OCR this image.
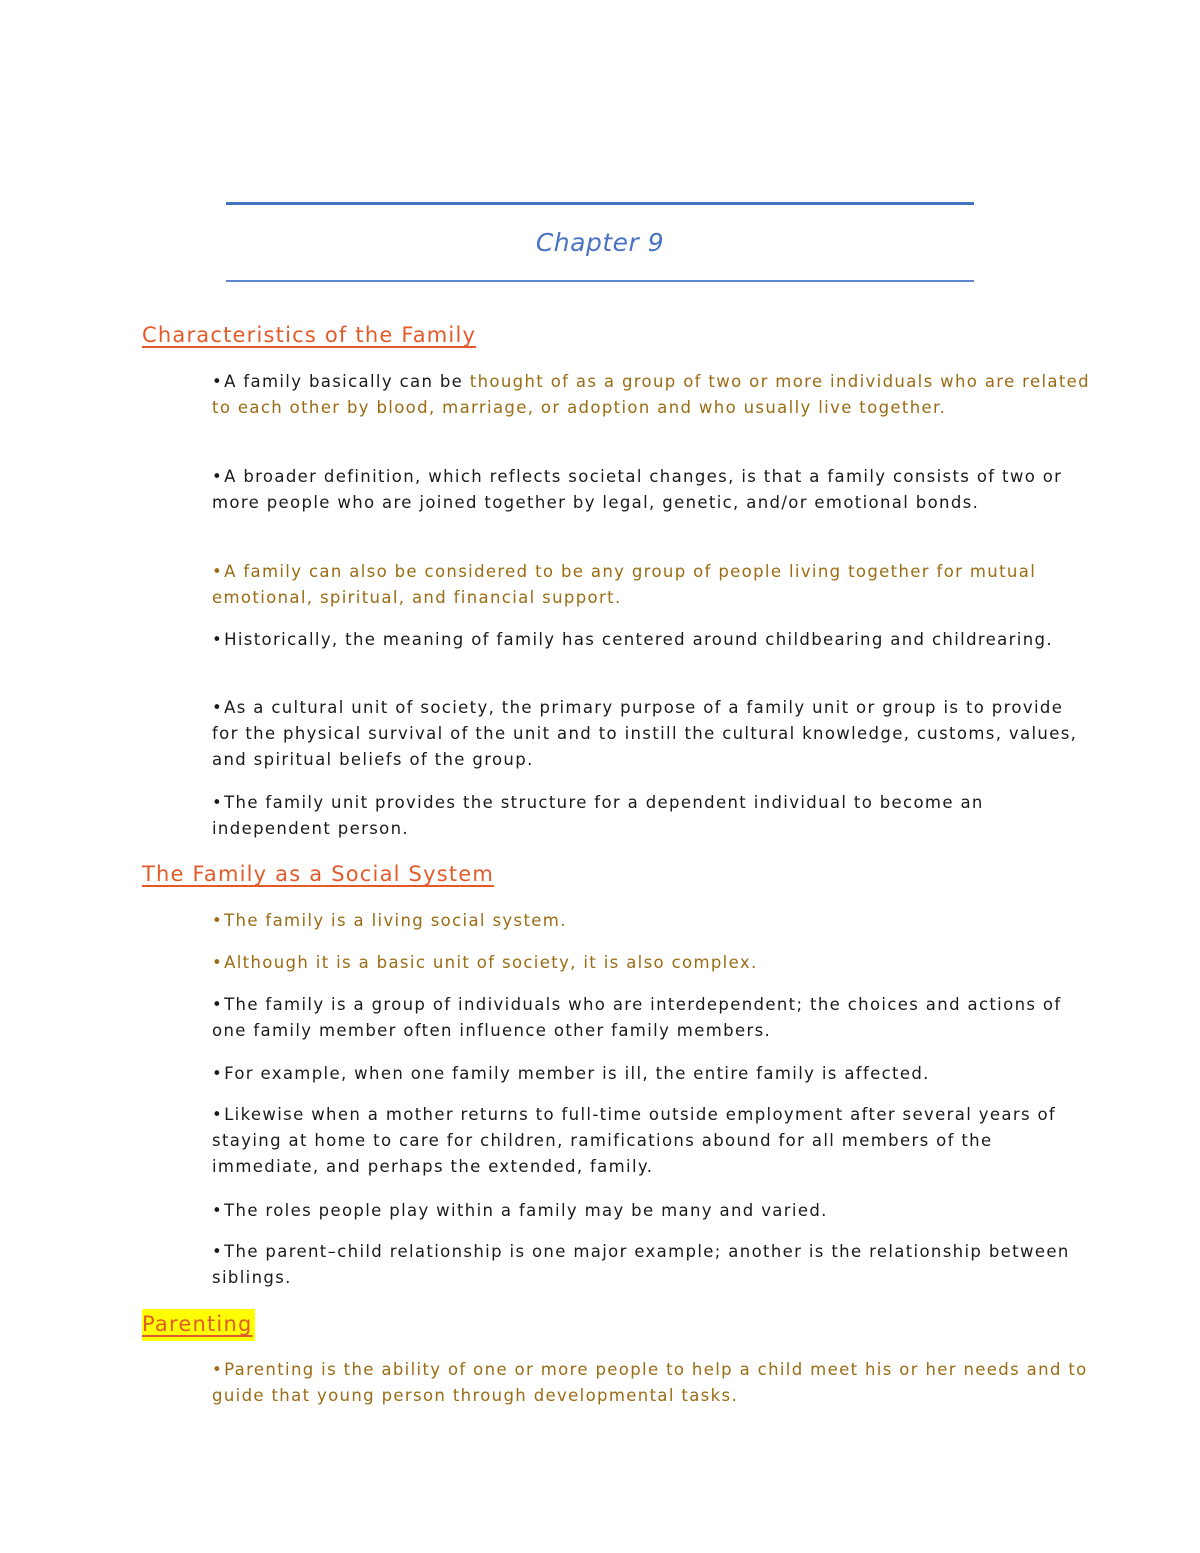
Chapter 9
Characteristics of the Family
•A family basically can be thought of as a group of two or more individuals who are related to each other by blood, marriage, or adoption and who usually live together.
•A broader definition, which reflects societal changes, is that a family consists of two or more people who are joined together by legal, genetic, and/or emotional bonds.
•A family can also be considered to be any group of people living together for mutual emotional, spiritual, and financial support.
•Historically, the meaning of family has centered around childbearing and childrearing.
•As a cultural unit of society, the primary purpose of a family unit or group is to provide for the physical survival of the unit and to instill the cultural knowledge, customs, values, and spiritual beliefs of the group.
•The family unit provides the structure for a dependent individual to become an independent person.
The Family as a Social System
•The family is a living social system.
•Although it is a basic unit of society, it is also complex.
•The family is a group of individuals who are interdependent; the choices and actions of one family member often influence other family members.
•For example, when one family member is ill, the entire family is affected.
•Likewise when a mother returns to full-time outside employment after several years of staying at home to care for children, ramifications abound for all members of the immediate, and perhaps the extended, family.
•The roles people play within a family may be many and varied.
•The parent–child relationship is one major example; another is the relationship between siblings.
Parenting
•Parenting is the ability of one or more people to help a child meet his or her needs and to guide that young person through developmental tasks.
